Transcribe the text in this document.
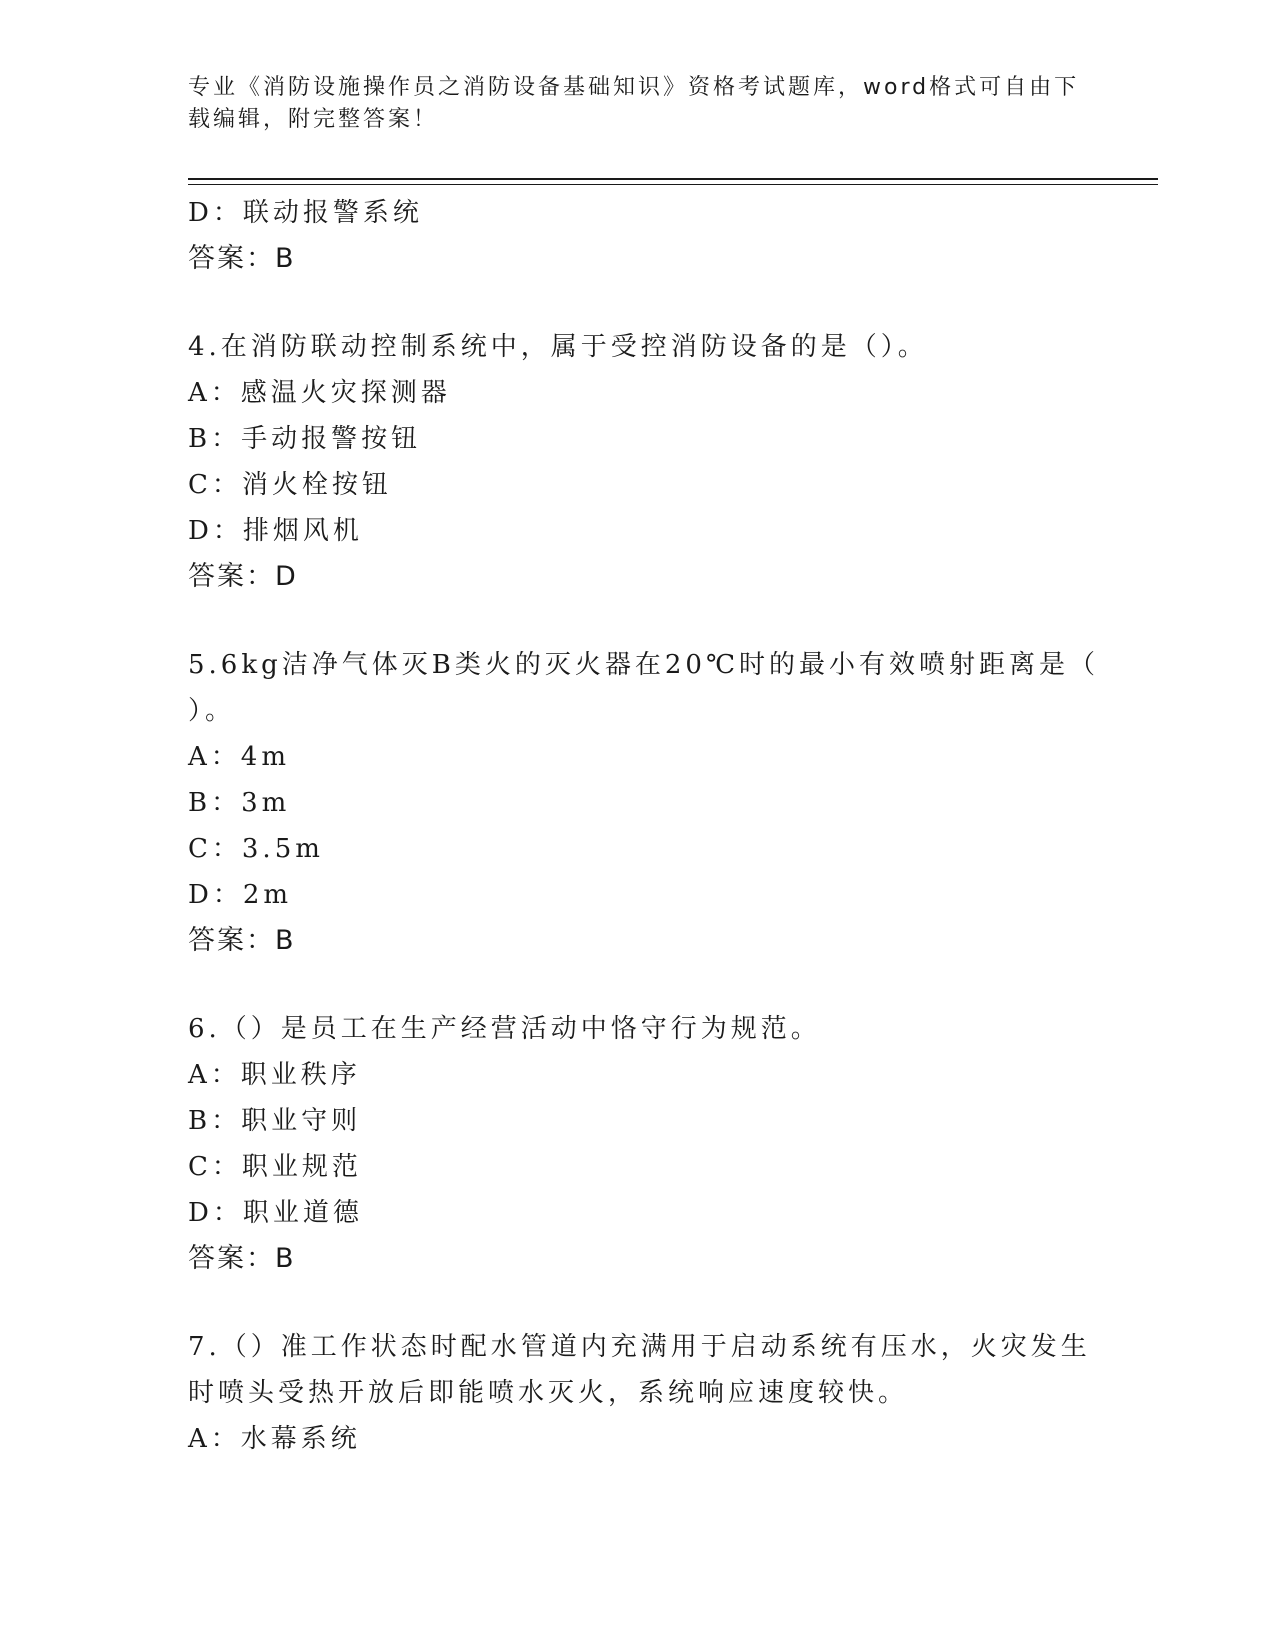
专业《消防设施操作员之消防设备基础知识》资格考试题库，word格式可自由下
载编辑，附完整答案！
D：联动报警系统
答案：B
4.在消防联动控制系统中，属于受控消防设备的是（）。
A：感温火灾探测器
B：手动报警按钮
C：消火栓按钮
D：排烟风机
答案：D
5.6kg洁净气体灭B类火的灭火器在20℃时的最小有效喷射距离是（
）。
A：4m
B：3m
C：3.5m
D：2m
答案：B
6.（）是员工在生产经营活动中恪守行为规范。
A：职业秩序
B：职业守则
C：职业规范
D：职业道德
答案：B
7.（）准工作状态时配水管道内充满用于启动系统有压水，火灾发生
时喷头受热开放后即能喷水灭火，系统响应速度较快。
A：水幕系统
